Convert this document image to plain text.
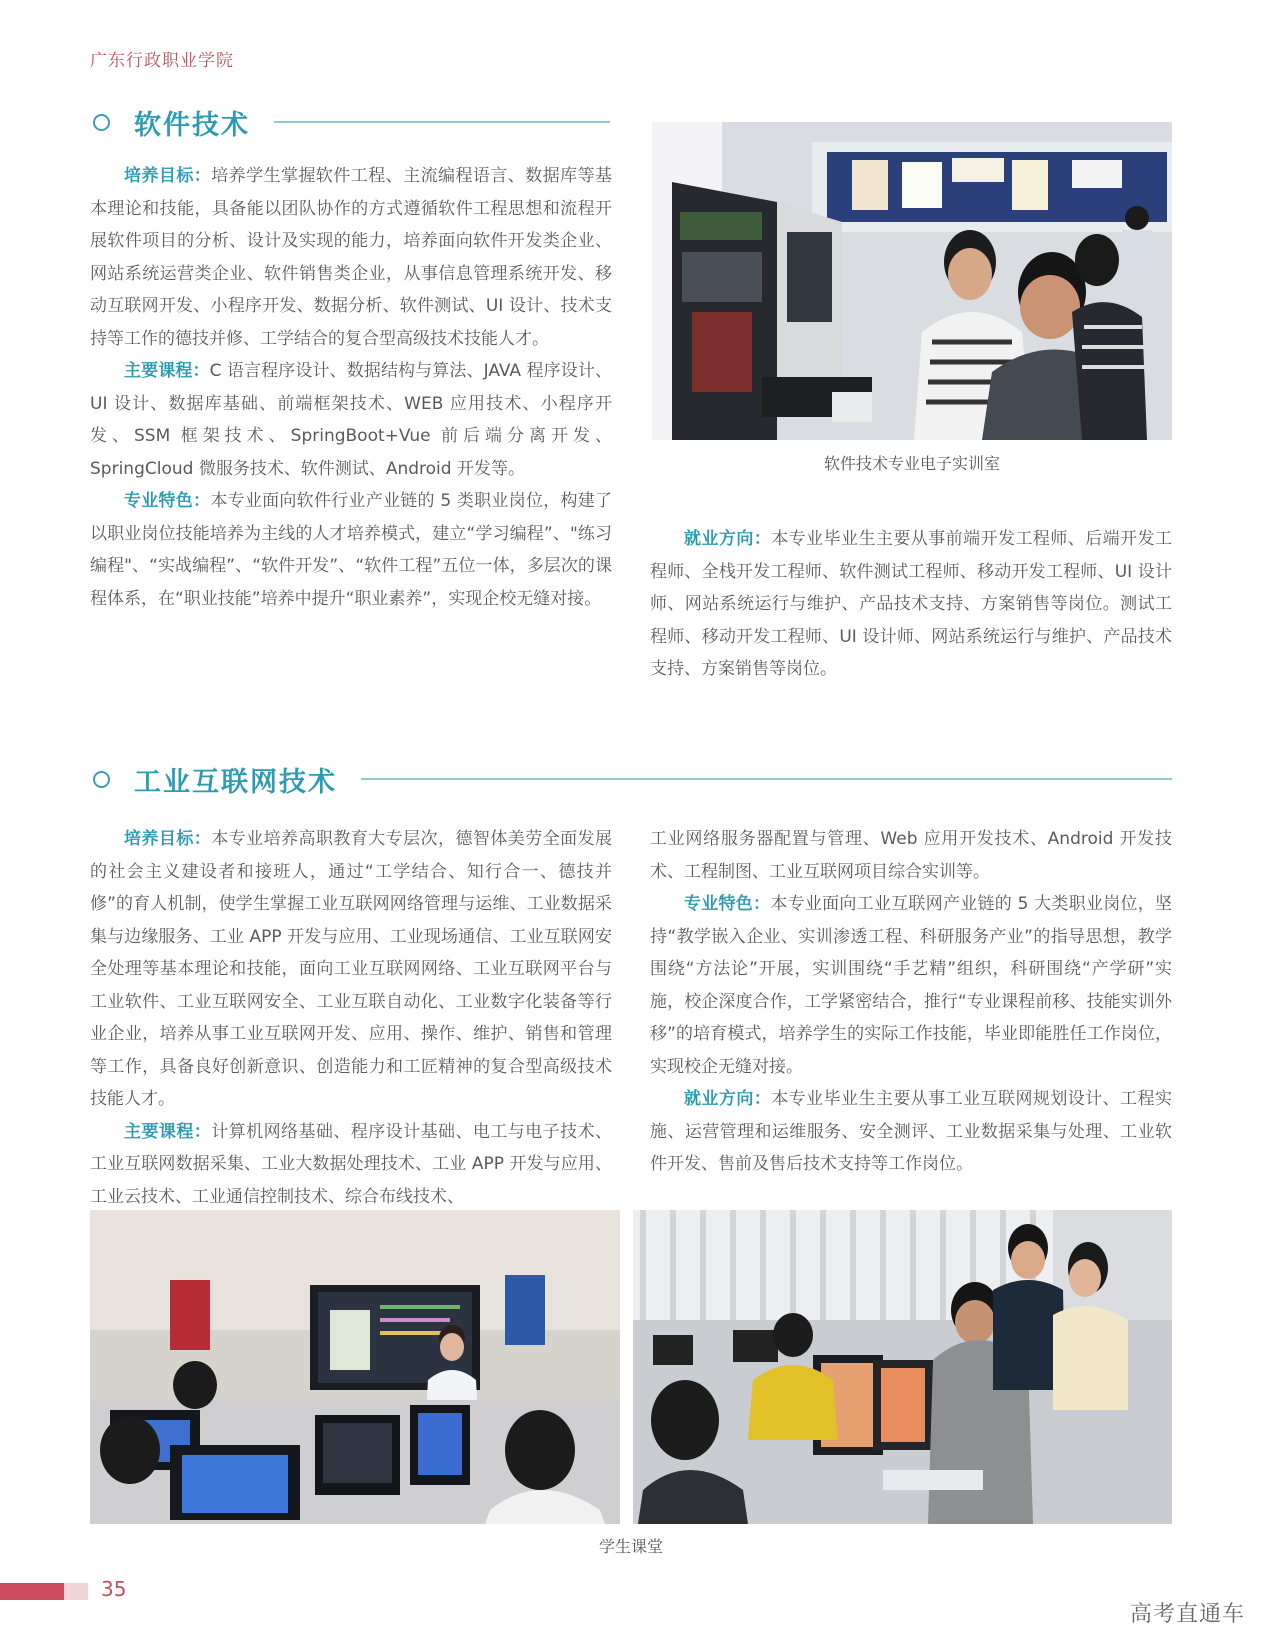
广东行政职业学院
软件技术

培养目标：培养学生掌握软件工程、主流编程语言、数据库等基本理论和技能，具备能以团队协作的方式遵循软件工程思想和流程开展软件项目的分析、设计及实现的能力，培养面向软件开发类企业、网站系统运营类企业、软件销售类企业，从事信息管理系统开发、移动互联网开发、小程序开发、数据分析、软件测试、UI 设计、技术支持等工作的德技并修、工学结合的复合型高级技术技能人才。

主要课程：C 语言程序设计、数据结构与算法、JAVA 程序设计、UI 设计、数据库基础、前端框架技术、WEB 应用技术、小程序开发、SSM 框架技术、SpringBoot+Vue 前后端分离开发、SpringCloud 微服务技术、软件测试、Android 开发等。

专业特色：本专业面向软件行业产业链的 5 类职业岗位，构建了以职业岗位技能培养为主线的人才培养模式，建立“学习编程”、"练习编程"、“实战编程”、“软件开发”、“软件工程”五位一体，多层次的课程体系，在“职业技能”培养中提升“职业素养”，实现企校无缝对接。

软件技术专业电子实训室

就业方向：本专业毕业生主要从事前端开发工程师、后端开发工程师、全栈开发工程师、软件测试工程师、移动开发工程师、UI 设计师、网站系统运行与维护、产品技术支持、方案销售等岗位。测试工程师、移动开发工程师、UI 设计师、网站系统运行与维护、产品技术支持、方案销售等岗位。

工业互联网技术

培养目标：本专业培养高职教育大专层次，德智体美劳全面发展的社会主义建设者和接班人，通过“工学结合、知行合一、德技并修”的育人机制，使学生掌握工业互联网网络管理与运维、工业数据采集与边缘服务、工业 APP 开发与应用、工业现场通信、工业互联网安全处理等基本理论和技能，面向工业互联网网络、工业互联网平台与工业软件、工业互联网安全、工业互联自动化、工业数字化装备等行业企业，培养从事工业互联网开发、应用、操作、维护、销售和管理等工作，具备良好创新意识、创造能力和工匠精神的复合型高级技术技能人才。

主要课程：计算机网络基础、程序设计基础、电工与电子技术、工业互联网数据采集、工业大数据处理技术、工业 APP 开发与应用、工业云技术、工业通信控制技术、综合布线技术、

工业网络服务器配置与管理、Web 应用开发技术、Android 开发技术、工程制图、工业互联网项目综合实训等。

专业特色：本专业面向工业互联网产业链的 5 大类职业岗位，坚持“教学嵌入企业、实训渗透工程、科研服务产业”的指导思想，教学围绕“方法论”开展，实训围绕“手艺精”组织，科研围绕“产学研”实施，校企深度合作，工学紧密结合，推行“专业课程前移、技能实训外移”的培育模式，培养学生的实际工作技能，毕业即能胜任工作岗位，实现校企无缝对接。

就业方向：本专业毕业生主要从事工业互联网规划设计、工程实施、运营管理和运维服务、安全测评、工业数据采集与处理、工业软件开发、售前及售后技术支持等工作岗位。

学生课堂
35
高考直通车
